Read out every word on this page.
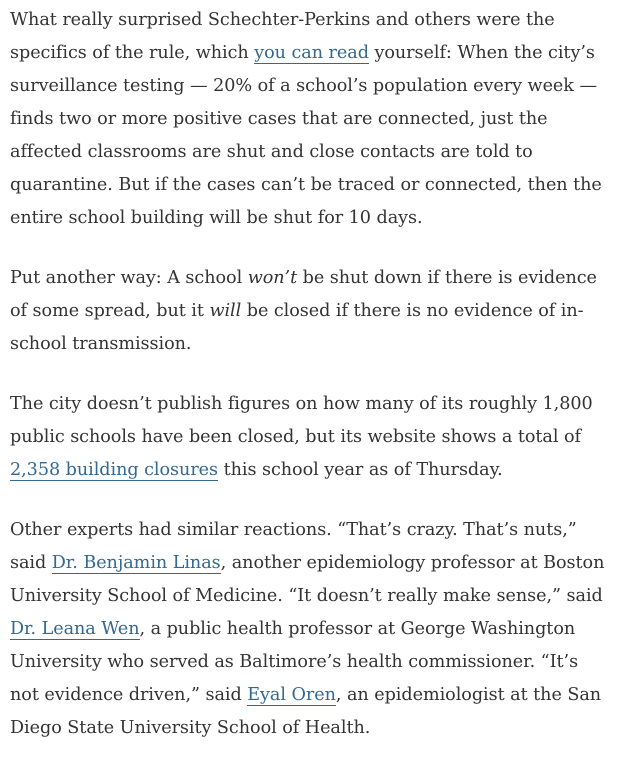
What really surprised Schechter-Perkins and others were the specifics of the rule, which you can read yourself: When the city’s surveillance testing — 20% of a school’s population every week — finds two or more positive cases that are connected, just the affected classrooms are shut and close contacts are told to quarantine. But if the cases can’t be traced or connected, then the entire school building will be shut for 10 days.

Put another way: A school won’t be shut down if there is evidence of some spread, but it will be closed if there is no evidence of in-school transmission.

The city doesn’t publish figures on how many of its roughly 1,800 public schools have been closed, but its website shows a total of 2,358 building closures this school year as of Thursday.

Other experts had similar reactions. “That’s crazy. That’s nuts,” said Dr. Benjamin Linas, another epidemiology professor at Boston University School of Medicine. “It doesn’t really make sense,” said Dr. Leana Wen, a public health professor at George Washington University who served as Baltimore’s health commissioner. “It’s not evidence driven,” said Eyal Oren, an epidemiologist at the San Diego State University School of Health.
